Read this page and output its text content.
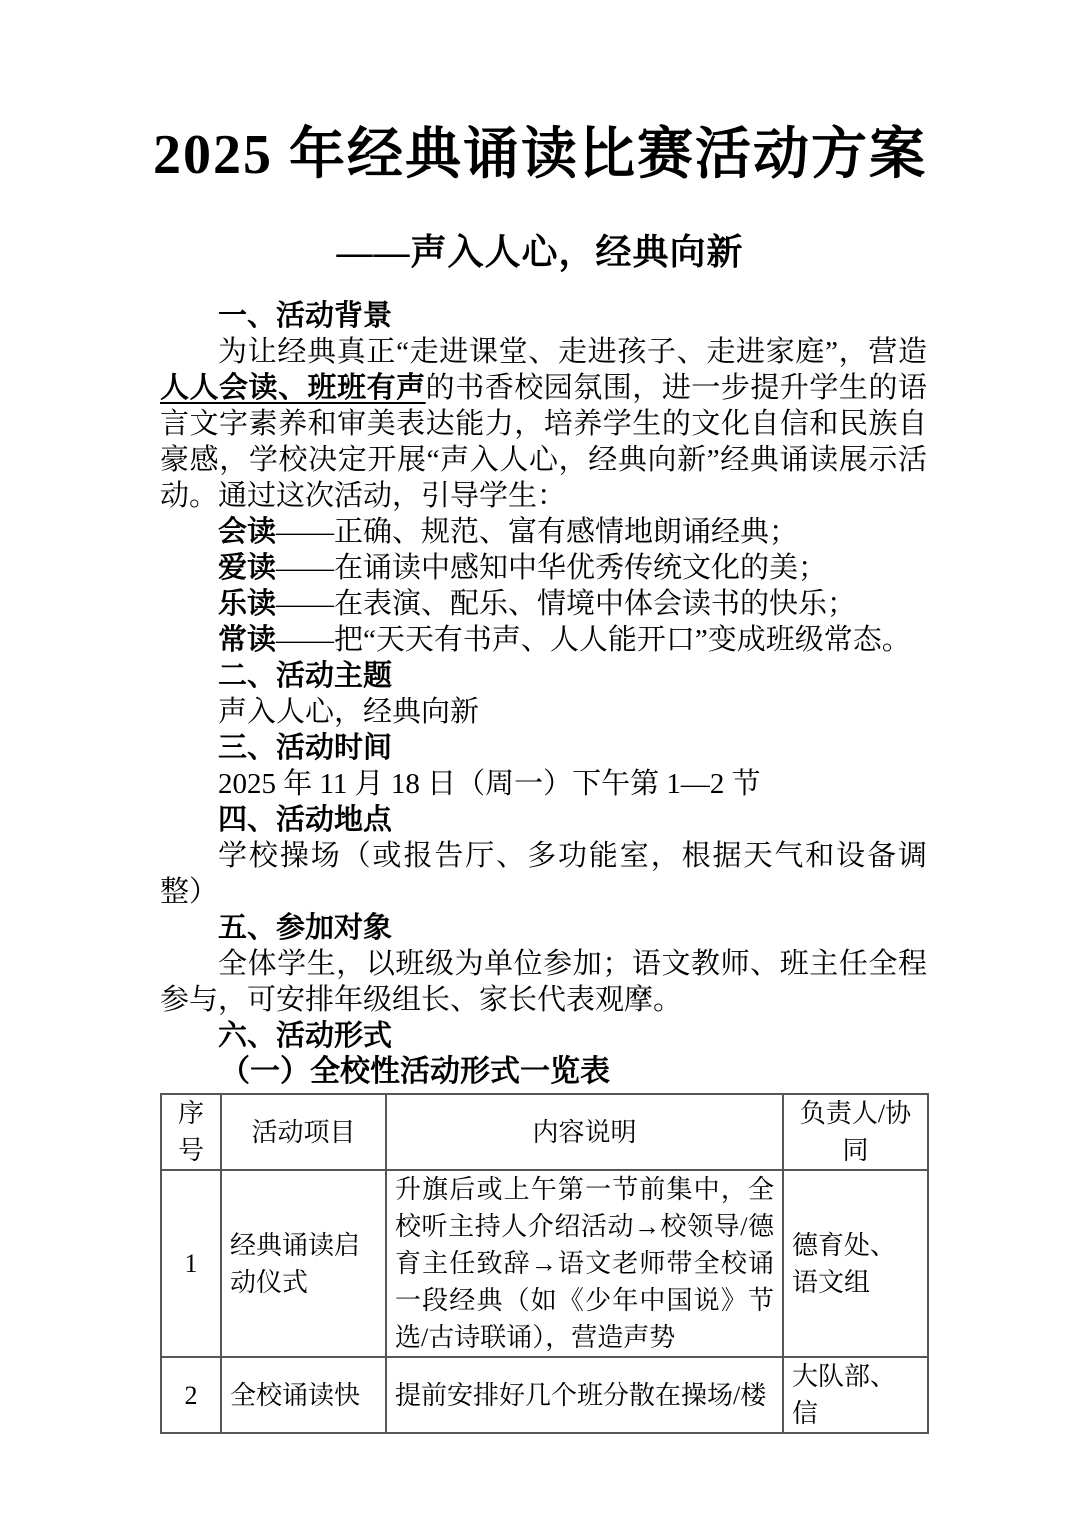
2025 年经典诵读比赛活动方案
——声入人心，经典向新

一、活动背景

为让经典真正“走进课堂、走进孩子、走进家庭”，营造人人会读、班班有声的书香校园氛围，进一步提升学生的语言文字素养和审美表达能力，培养学生的文化自信和民族自豪感，学校决定开展“声入人心，经典向新”经典诵读展示活动。通过这次活动，引导学生：

会读——正确、规范、富有感情地朗诵经典；

爱读——在诵读中感知中华优秀传统文化的美；

乐读——在表演、配乐、情境中体会读书的快乐；

常读——把“天天有书声、人人能开口”变成班级常态。

二、活动主题

声入人心，经典向新

三、活动时间

2025 年 11 月 18 日（周一）下午第 1—2 节

四、活动地点

学校操场（或报告厅、多功能室，根据天气和设备调整）

五、参加对象

全体学生，以班级为单位参加；语文教师、班主任全程参与，可安排年级组长、家长代表观摩。

六、活动形式

（一）全校性活动形式一览表

序号	活动项目	内容说明	负责人/协同
1	经典诵读启动仪式	升旗后或上午第一节前集中，全校听主持人介绍活动→校领导/德育主任致辞→语文老师带全校诵一段经典（如《少年中国说》节选/古诗联诵），营造声势	德育处、语文组
2	全校诵读快	提前安排好几个班分散在操场/楼	大队部、信
